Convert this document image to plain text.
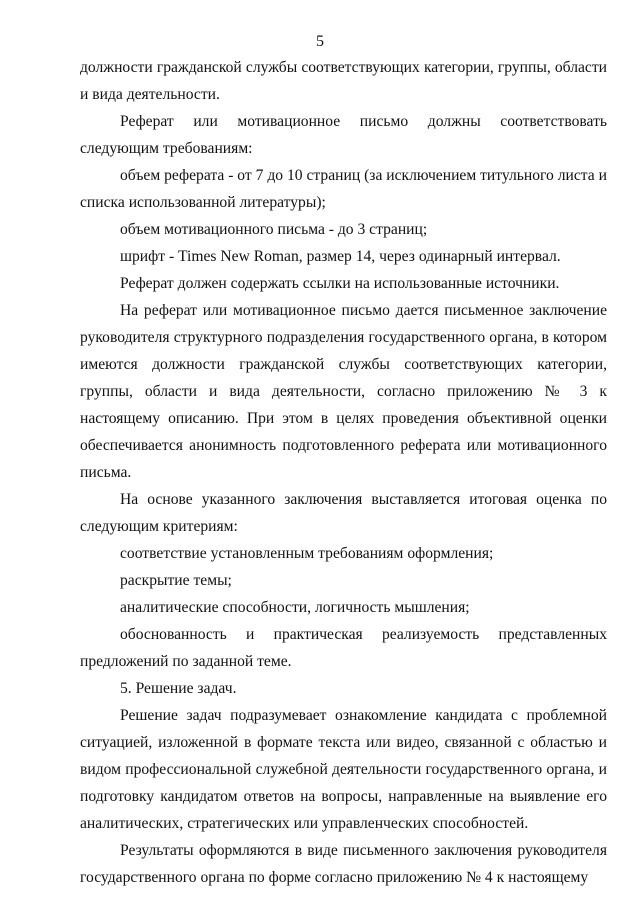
5

должности гражданской службы соответствующих категории, группы, области и вида деятельности.

Реферат или мотивационное письмо должны соответствовать следующим требованиям:

объем реферата - от 7 до 10 страниц (за исключением титульного листа и списка использованной литературы);

объем мотивационного письма - до 3 страниц;

шрифт - Times New Roman, размер 14, через одинарный интервал.

Реферат должен содержать ссылки на использованные источники.

На реферат или мотивационное письмо дается письменное заключение руководителя структурного подразделения государственного органа, в котором имеются должности гражданской службы соответствующих категории, группы, области и вида деятельности, согласно приложению № 3 к настоящему описанию. При этом в целях проведения объективной оценки обеспечивается анонимность подготовленного реферата или мотивационного письма.

На основе указанного заключения выставляется итоговая оценка по следующим критериям:

соответствие установленным требованиям оформления;

раскрытие темы;

аналитические способности, логичность мышления;

обоснованность и практическая реализуемость представленных предложений по заданной теме.

5. Решение задач.

Решение задач подразумевает ознакомление кандидата с проблемной ситуацией, изложенной в формате текста или видео, связанной с областью и видом профессиональной служебной деятельности государственного органа, и подготовку кандидатом ответов на вопросы, направленные на выявление его аналитических, стратегических или управленческих способностей.

Результаты оформляются в виде письменного заключения руководителя государственного органа по форме согласно приложению № 4 к настоящему
